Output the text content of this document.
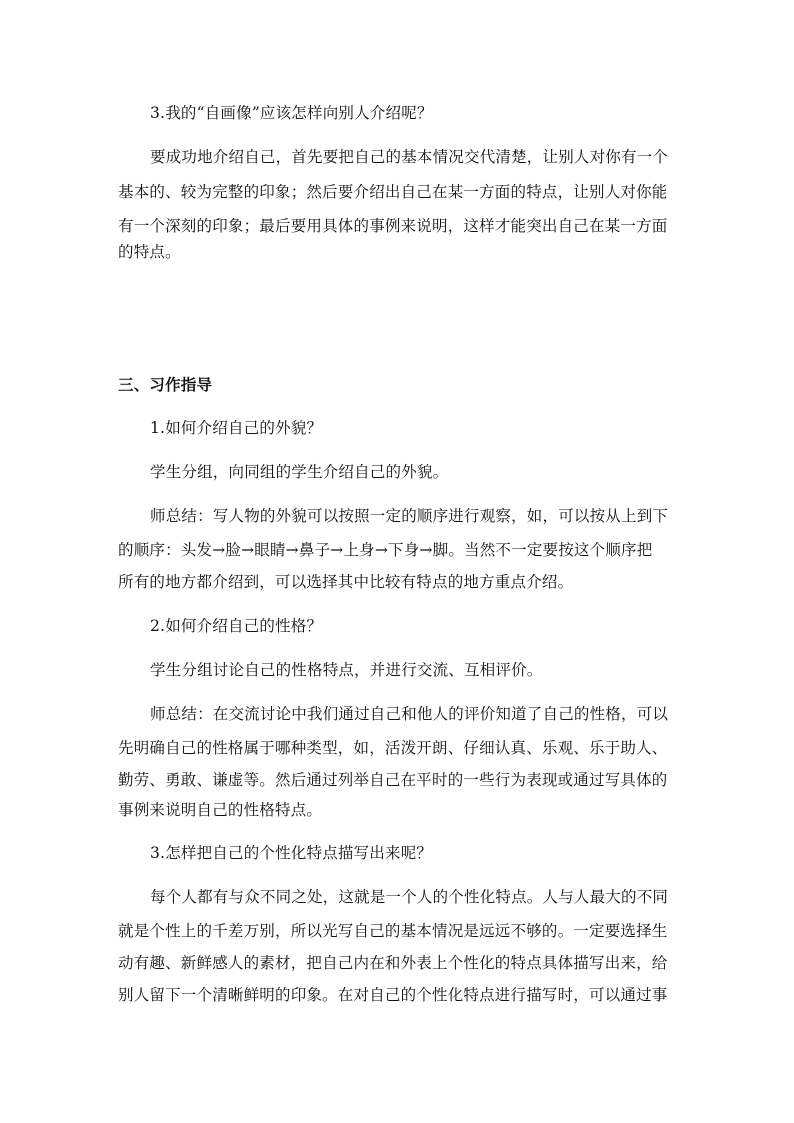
3.我的“自画像”应该怎样向别人介绍呢？
要成功地介绍自己，首先要把自己的基本情况交代清楚，让别人对你有一个
基本的、较为完整的印象；然后要介绍出自己在某一方面的特点，让别人对你能
有一个深刻的印象；最后要用具体的事例来说明，这样才能突出自己在某一方面
的特点。
三、习作指导
1.如何介绍自己的外貌？
学生分组，向同组的学生介绍自己的外貌。
师总结：写人物的外貌可以按照一定的顺序进行观察，如，可以按从上到下
的顺序：头发→脸→眼睛→鼻子→上身→下身→脚。当然不一定要按这个顺序把
所有的地方都介绍到，可以选择其中比较有特点的地方重点介绍。
2.如何介绍自己的性格？
学生分组讨论自己的性格特点，并进行交流、互相评价。
师总结：在交流讨论中我们通过自己和他人的评价知道了自己的性格，可以
先明确自己的性格属于哪种类型，如，活泼开朗、仔细认真、乐观、乐于助人、
勤劳、勇敢、谦虚等。然后通过列举自己在平时的一些行为表现或通过写具体的
事例来说明自己的性格特点。
3.怎样把自己的个性化特点描写出来呢？
每个人都有与众不同之处，这就是一个人的个性化特点。人与人最大的不同
就是个性上的千差万别，所以光写自己的基本情况是远远不够的。一定要选择生
动有趣、新鲜感人的素材，把自己内在和外表上个性化的特点具体描写出来，给
别人留下一个清晰鲜明的印象。在对自己的个性化特点进行描写时，可以通过事
